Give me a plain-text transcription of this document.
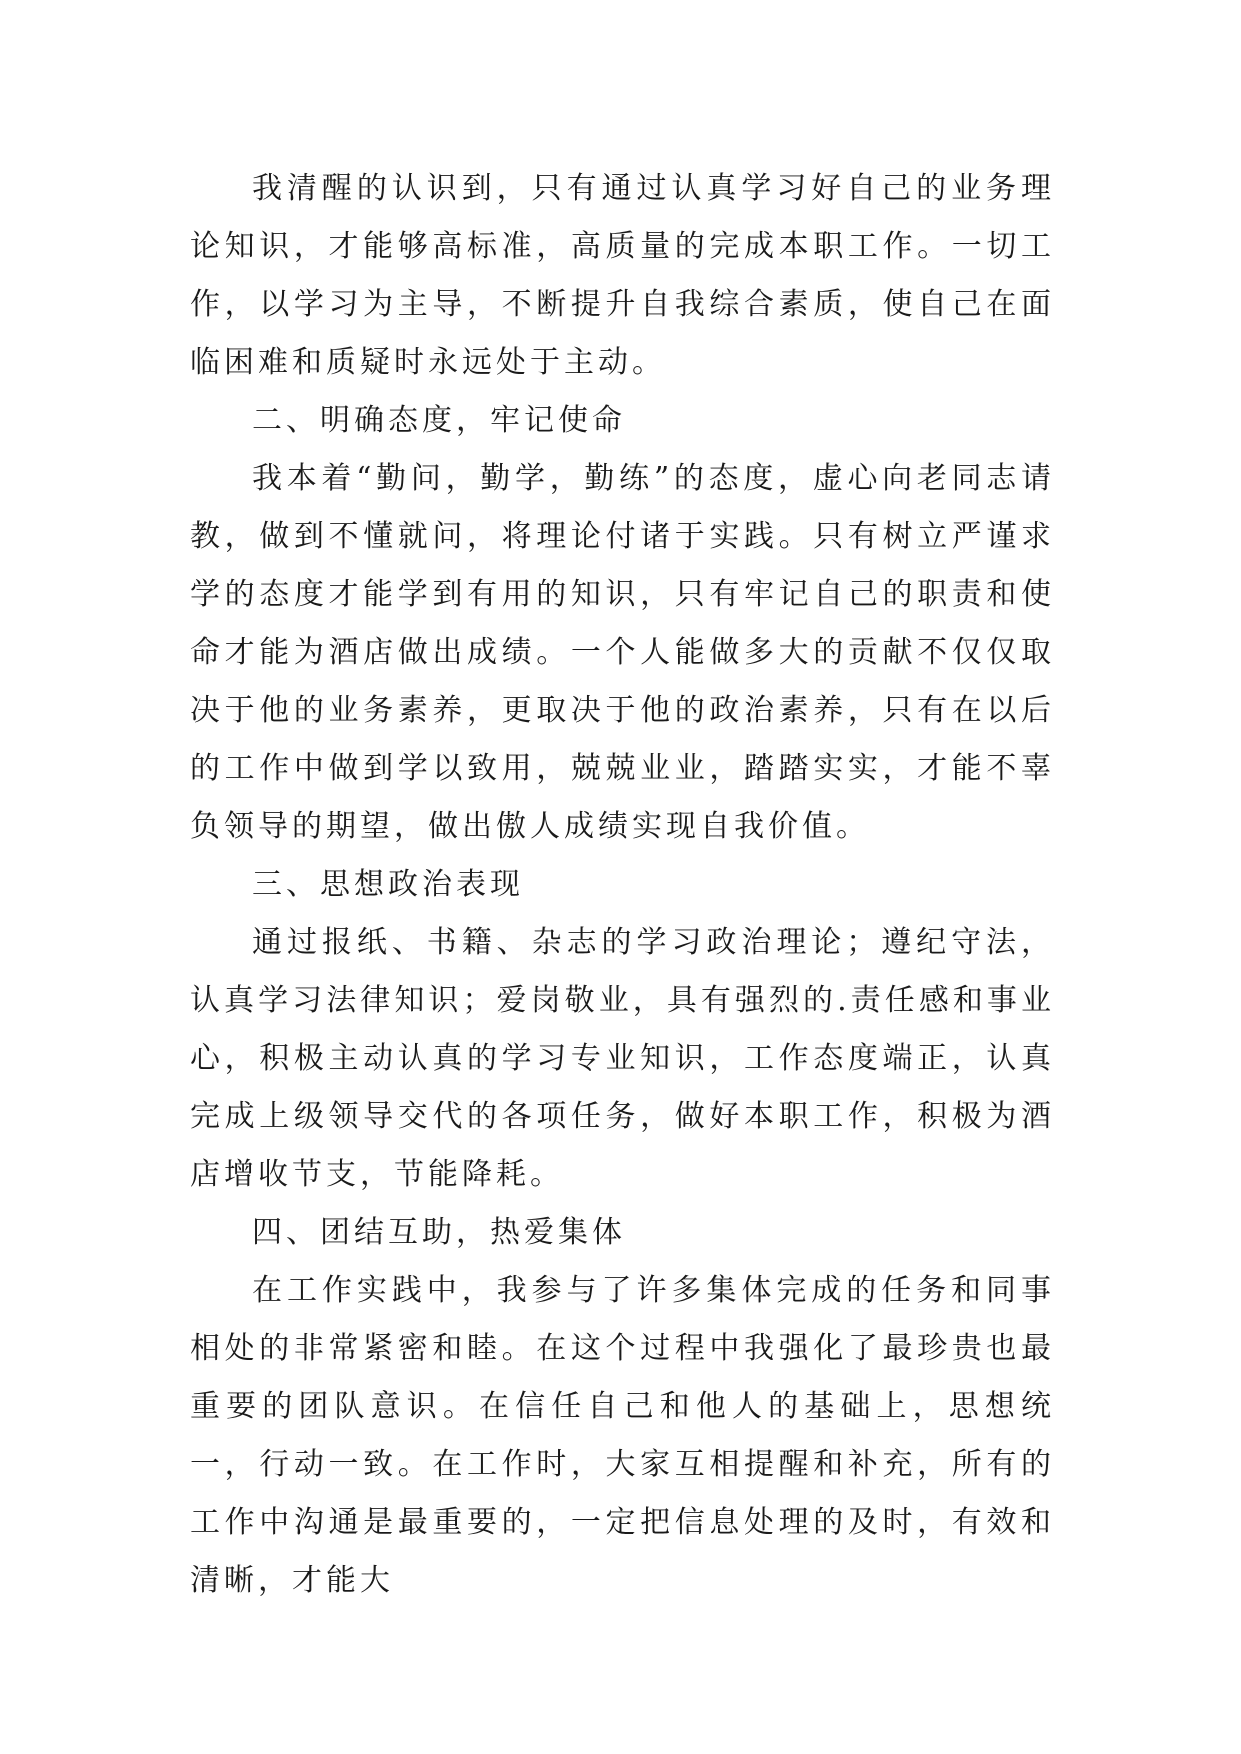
我清醒的认识到，只有通过认真学习好自己的业务理论知识，才能够高标准，高质量的完成本职工作。一切工作，以学习为主导，不断提升自我综合素质，使自己在面临困难和质疑时永远处于主动。

二、明确态度，牢记使命

我本着“勤问，勤学，勤练”的态度，虚心向老同志请教，做到不懂就问，将理论付诸于实践。只有树立严谨求学的态度才能学到有用的知识，只有牢记自己的职责和使命才能为酒店做出成绩。一个人能做多大的贡献不仅仅取决于他的业务素养，更取决于他的政治素养，只有在以后的工作中做到学以致用，兢兢业业，踏踏实实，才能不辜负领导的期望，做出傲人成绩实现自我价值。

三、思想政治表现

通过报纸、书籍、杂志的学习政治理论；遵纪守法，认真学习法律知识；爱岗敬业，具有强烈的.责任感和事业心，积极主动认真的学习专业知识，工作态度端正，认真完成上级领导交代的各项任务，做好本职工作，积极为酒店增收节支，节能降耗。

四、团结互助，热爱集体

在工作实践中，我参与了许多集体完成的任务和同事相处的非常紧密和睦。在这个过程中我强化了最珍贵也最重要的团队意识。在信任自己和他人的基础上，思想统一，行动一致。在工作时，大家互相提醒和补充，所有的工作中沟通是最重要的，一定把信息处理的及时，有效和清晰，才能大
